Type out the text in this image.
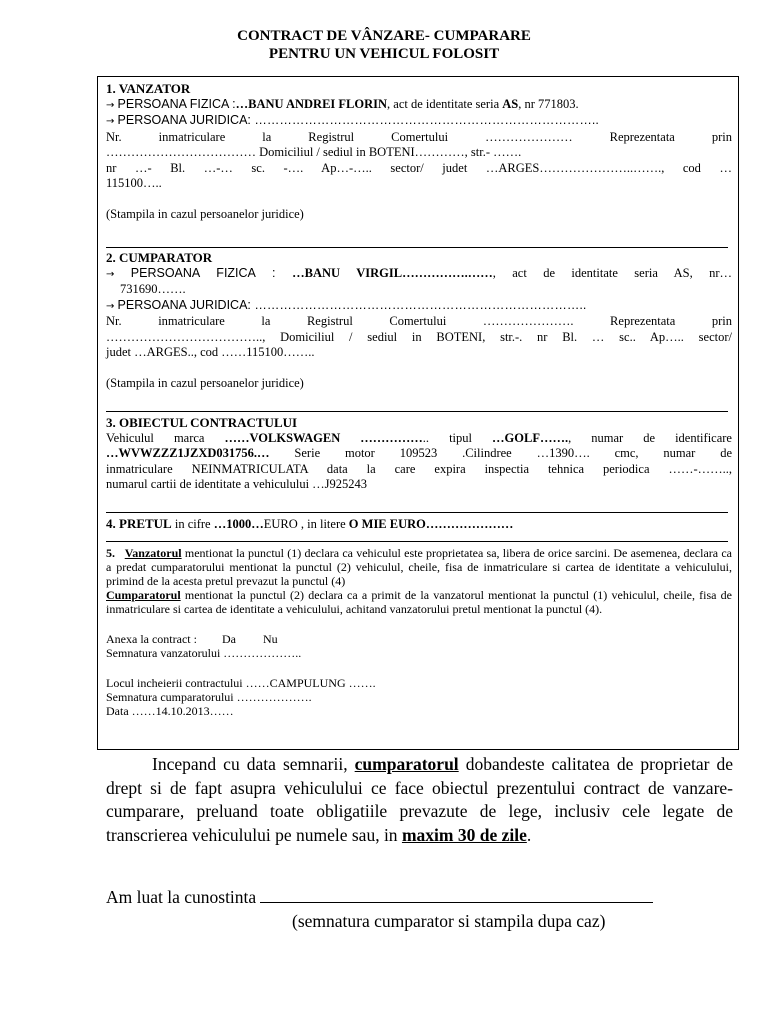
CONTRACT DE VÂNZARE- CUMPARARE
PENTRU UN VEHICUL FOLOSIT

1. VANZATOR

→ PERSOANA FIZICA :…BANU ANDREI FLORIN, act de identitate seria AS, nr 771803.

→ PERSOANA JURIDICA: ………………………………………………………………………..

Nr. inmatriculare la Registrul Comertului ………………… Reprezentata prin

……………………………… Domiciliul / sediul in BOTENI…………, str.- …….

nr …- Bl. …-… sc. -…. Ap…-….. sector/ judet …ARGES…………………..……., cod …

115100…..

(Stampila in cazul persoanelor juridice)

2. CUMPARATOR

→ PERSOANA FIZICA : …BANU VIRGIL…………….……, act de identitate seria AS, nr…

731690…….

→ PERSOANA JURIDICA: ……………………………………………………………………..

Nr. inmatriculare la Registrul Comertului …………………. Reprezentata prin

……………………………….., Domiciliul / sediul in BOTENI, str.-. nr Bl. … sc.. Ap….. sector/

judet …ARGES.., cod ……115100……..

(Stampila in cazul persoanelor juridice)

3. OBIECTUL CONTRACTULUI

Vehiculul marca ……VOLKSWAGEN …………….. tipul …GOLF……., numar de identificare

…WVWZZZ1JZXD031756.… Serie motor 109523 .Cilindree …1390…. cmc, numar de

inmatriculare NEINMATRICULATA data la care expira inspectia tehnica periodica ……-……..,

numarul cartii de identitate a vehiculului …J925243

4. PRETUL in cifre …1000…EURO , in litere O MIE EURO…………………

5. Vanzatorul mentionat la punctul (1) declara ca vehiculul este proprietatea sa, libera de orice sarcini. De asemenea, declara ca a predat cumparatorului mentionat la punctul (2) vehiculul, cheile, fisa de inmatriculare si cartea de identitate a vehiculului, primind de la acesta pretul prevazut la punctul (4)

Cumparatorul mentionat la punctul (2) declara ca a primit de la vanzatorul mentionat la punctul (1) vehiculul, cheile, fisa de inmatriculare si cartea de identitate a vehiculului, achitand vanzatorului pretul mentionat la punctul (4).

Anexa la contract : Da Nu

Semnatura vanzatorului ………………..

Locul incheierii contractului ……CAMPULUNG …….

Semnatura cumparatorului ……………….

Data ……14.10.2013……

Incepand cu data semnarii, cumparatorul dobandeste calitatea de proprietar de drept si de fapt asupra vehiculului ce face obiectul prezentului contract de vanzare-cumparare, preluand toate obligatiile prevazute de lege, inclusiv cele legate de transcrierea vehiculului pe numele sau, in maxim 30 de zile.

Am luat la cunostinta
(semnatura cumparator si stampila dupa caz)
